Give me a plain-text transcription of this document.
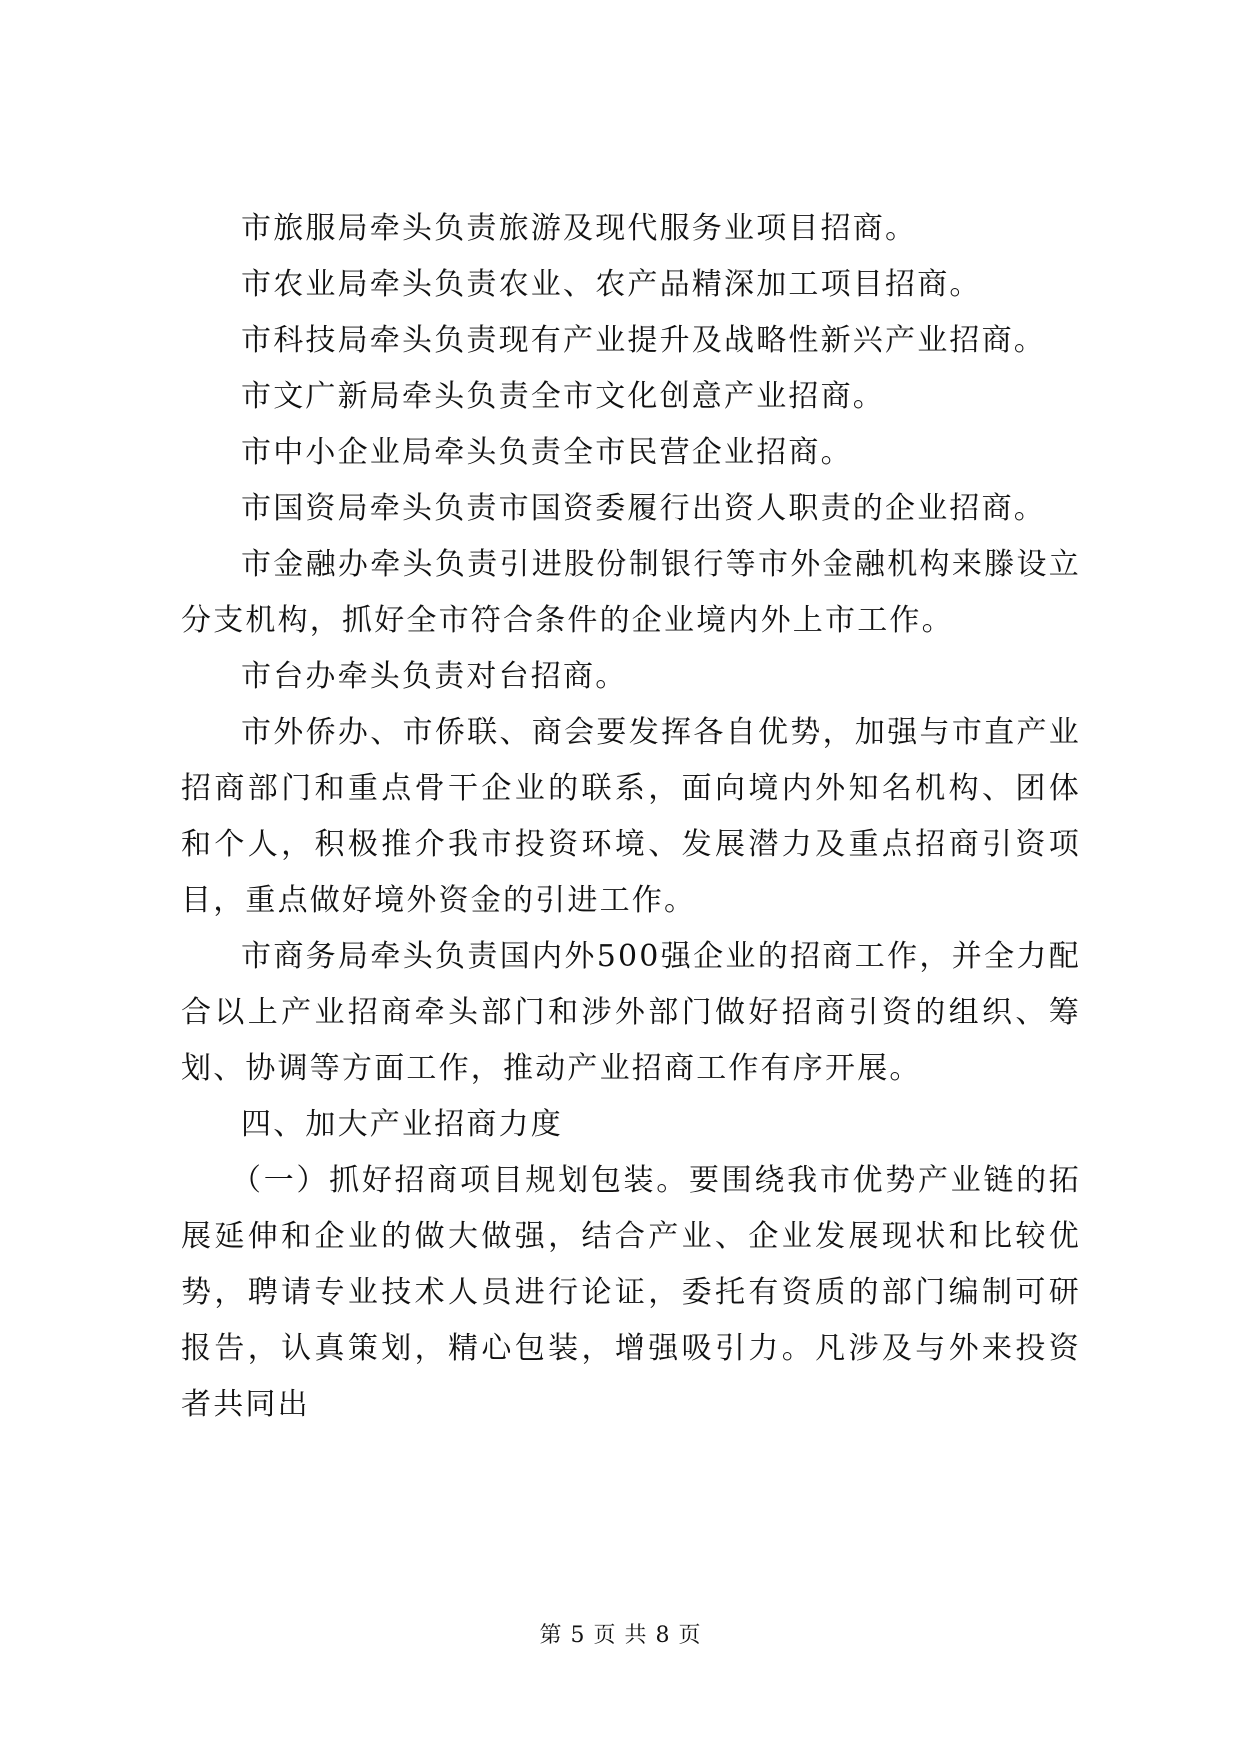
市旅服局牵头负责旅游及现代服务业项目招商。

市农业局牵头负责农业、农产品精深加工项目招商。

市科技局牵头负责现有产业提升及战略性新兴产业招商。

市文广新局牵头负责全市文化创意产业招商。

市中小企业局牵头负责全市民营企业招商。

市国资局牵头负责市国资委履行出资人职责的企业招商。

市金融办牵头负责引进股份制银行等市外金融机构来滕设立分支机构，抓好全市符合条件的企业境内外上市工作。

市台办牵头负责对台招商。

市外侨办、市侨联、商会要发挥各自优势，加强与市直产业招商部门和重点骨干企业的联系，面向境内外知名机构、团体和个人，积极推介我市投资环境、发展潜力及重点招商引资项目，重点做好境外资金的引进工作。

市商务局牵头负责国内外500强企业的招商工作，并全力配合以上产业招商牵头部门和涉外部门做好招商引资的组织、筹划、协调等方面工作，推动产业招商工作有序开展。

四、加大产业招商力度

（一）抓好招商项目规划包装。要围绕我市优势产业链的拓展延伸和企业的做大做强，结合产业、企业发展现状和比较优势，聘请专业技术人员进行论证，委托有资质的部门编制可研报告，认真策划，精心包装，增强吸引力。凡涉及与外来投资者共同出

第 5 页 共 8 页
